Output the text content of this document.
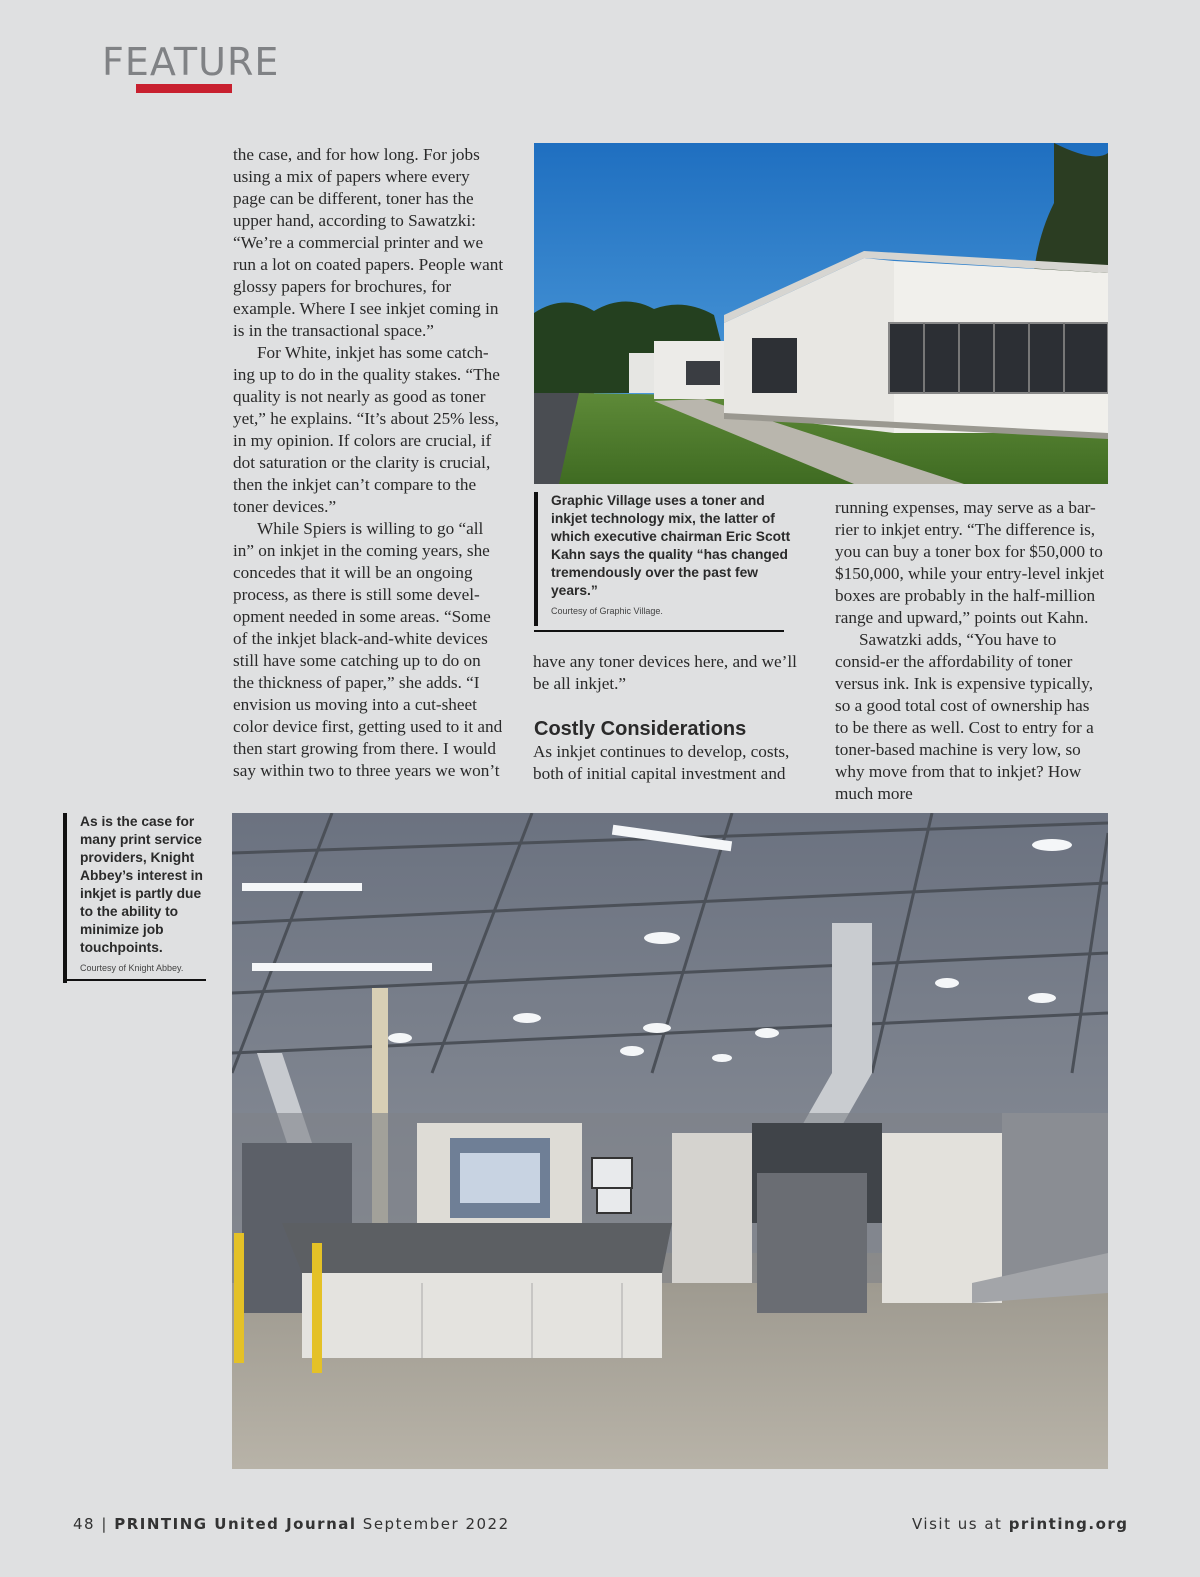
FEATURE

the case, and for how long. For jobs using a mix of papers where every page can be different, toner has the upper hand, according to Sawatzki: “We’re a commercial printer and we run a lot on coated papers. People want glossy papers for brochures, for example. Where I see inkjet coming in is in the transactional space.”

For White, inkjet has some catch-ing up to do in the quality stakes. “The quality is not nearly as good as toner yet,” he explains. “It’s about 25% less, in my opinion. If colors are crucial, if dot saturation or the clarity is crucial, then the inkjet can’t compare to the toner devices.”

While Spiers is willing to go “all in” on inkjet in the coming years, she concedes that it will be an ongoing process, as there is still some devel-opment needed in some areas. “Some of the inkjet black-and-white devices still have some catching up to do on the thickness of paper,” she adds. “I envision us moving into a cut-sheet color device first, getting used to it and then start growing from there. I would say within two to three years we won’t

Graphic Village uses a toner and inkjet technology mix, the latter of which executive chairman Eric Scott Kahn says the quality “has changed tremendously over the past few years.”
Courtesy of Graphic Village.

have any toner devices here, and we’ll be all inkjet.”

Costly Considerations

As inkjet continues to develop, costs, both of initial capital investment and

running expenses, may serve as a bar-rier to inkjet entry. “The difference is, you can buy a toner box for $50,000 to $150,000, while your entry-level inkjet boxes are probably in the half-million range and upward,” points out Kahn.

Sawatzki adds, “You have to consid-er the affordability of toner versus ink. Ink is expensive typically, so a good total cost of ownership has to be there as well. Cost to entry for a toner-based machine is very low, so why move from that to inkjet? How much more

As is the case for many print service providers, Knight Abbey’s interest in inkjet is partly due to the ability to minimize job touchpoints.
Courtesy of Knight Abbey.
48 | PRINTING United Journal September 2022	Visit us at printing.org
